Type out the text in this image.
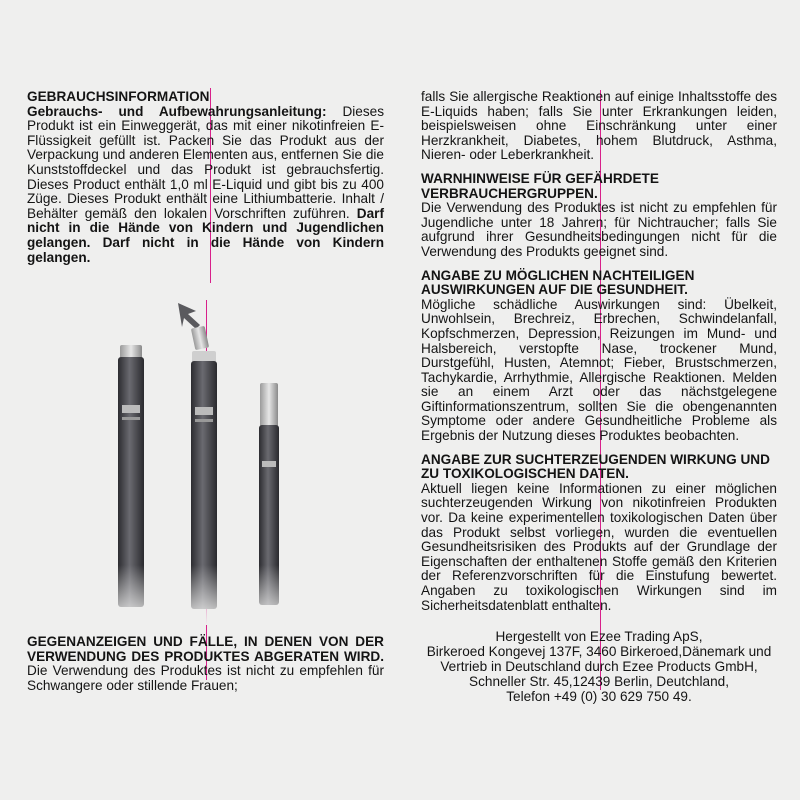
GEBRAUCHSINFORMATION
Gebrauchs- und Aufbewahrungsanleitung: Dieses Produkt ist ein Einweggerät, das mit einer nikotinfreien E-Flüssigkeit gefüllt ist. Packen Sie das Produkt aus der Verpackung und anderen Elementen aus, entfernen Sie die Kunststoffdeckel und das Produkt ist gebrauchsfertig. Dieses Product enthält 1,0 ml E-Liquid und gibt bis zu 400 Züge. Dieses Produkt enthält eine Lithiumbatterie. Inhalt / Behälter gemäß den lokalen Vorschriften zuführen. Darf nicht in die Hände von Kindern und Jugendlichen gelangen. Darf nicht in die Hände von Kindern gelangen.

GEGENANZEIGEN UND FÄLLE, IN DENEN VON DER VERWENDUNG DES PRODUKTES ABGERATEN WIRD. Die Verwendung des Produktes ist nicht zu empfehlen für Schwangere oder stillende Frauen;

falls Sie allergische Reaktionen auf einige Inhaltsstoffe des E-Liquids haben; falls Sie unter Erkrankungen leiden, beispielsweisen ohne Einschränkung unter einer Herzkrankheit, Diabetes, hohem Blutdruck, Asthma, Nieren- oder Leberkrankheit.

WARNHINWEISE FÜR GEFÄHRDETE VERBRAUCHERGRUPPEN.
Die Verwendung des Produktes ist nicht zu empfehlen für Jugendliche unter 18 Jahren; für Nichtraucher; falls Sie aufgrund ihrer Gesundheitsbedingungen nicht für die Verwendung des Produkts geeignet sind.

ANGABE ZU MÖGLICHEN NACHTEILIGEN AUSWIRKUNGEN AUF DIE GESUNDHEIT.
Mögliche schädliche Auswirkungen sind: Übelkeit, Unwohlsein, Brechreiz, Erbrechen, Schwindelanfall, Kopfschmerzen, Depression, Reizungen im Mund- und Halsbereich, verstopfte Nase, trockener Mund, Durstgefühl, Husten, Atemnot; Fieber, Brustschmerzen, Tachykardie, Arrhythmie, Allergische Reaktionen. Melden sie an einem Arzt oder das nächstgelegene Giftinformationszentrum, sollten Sie die obengenannten Symptome oder andere Gesundheitliche Probleme als Ergebnis der Nutzung dieses Produktes beobachten.

ANGABE ZUR SUCHTERZEUGENDEN WIRKUNG UND ZU TOXIKOLOGISCHEN DATEN.
Aktuell liegen keine Informationen zu einer möglichen suchterzeugenden Wirkung von nikotinfreien Produkten vor. Da keine experimentellen toxikologischen Daten über das Produkt selbst vorliegen, wurden die eventuellen Gesundheitsrisiken des Produkts auf der Grundlage der Eigenschaften der enthaltenen Stoffe gemäß den Kriterien der Referenzvorschriften für die Einstufung bewertet. Angaben zu toxikologischen Wirkungen sind im Sicherheitsdatenblatt enthalten.

Hergestellt von Ezee Trading ApS,
Birkeroed Kongevej 137F, 3460 Birkeroed,Dänemark und
Vertrieb in Deutschland durch Ezee Products GmbH,
Schneller Str. 45,12439 Berlin, Deutchland,
Telefon +49 (0) 30 629 750 49.
